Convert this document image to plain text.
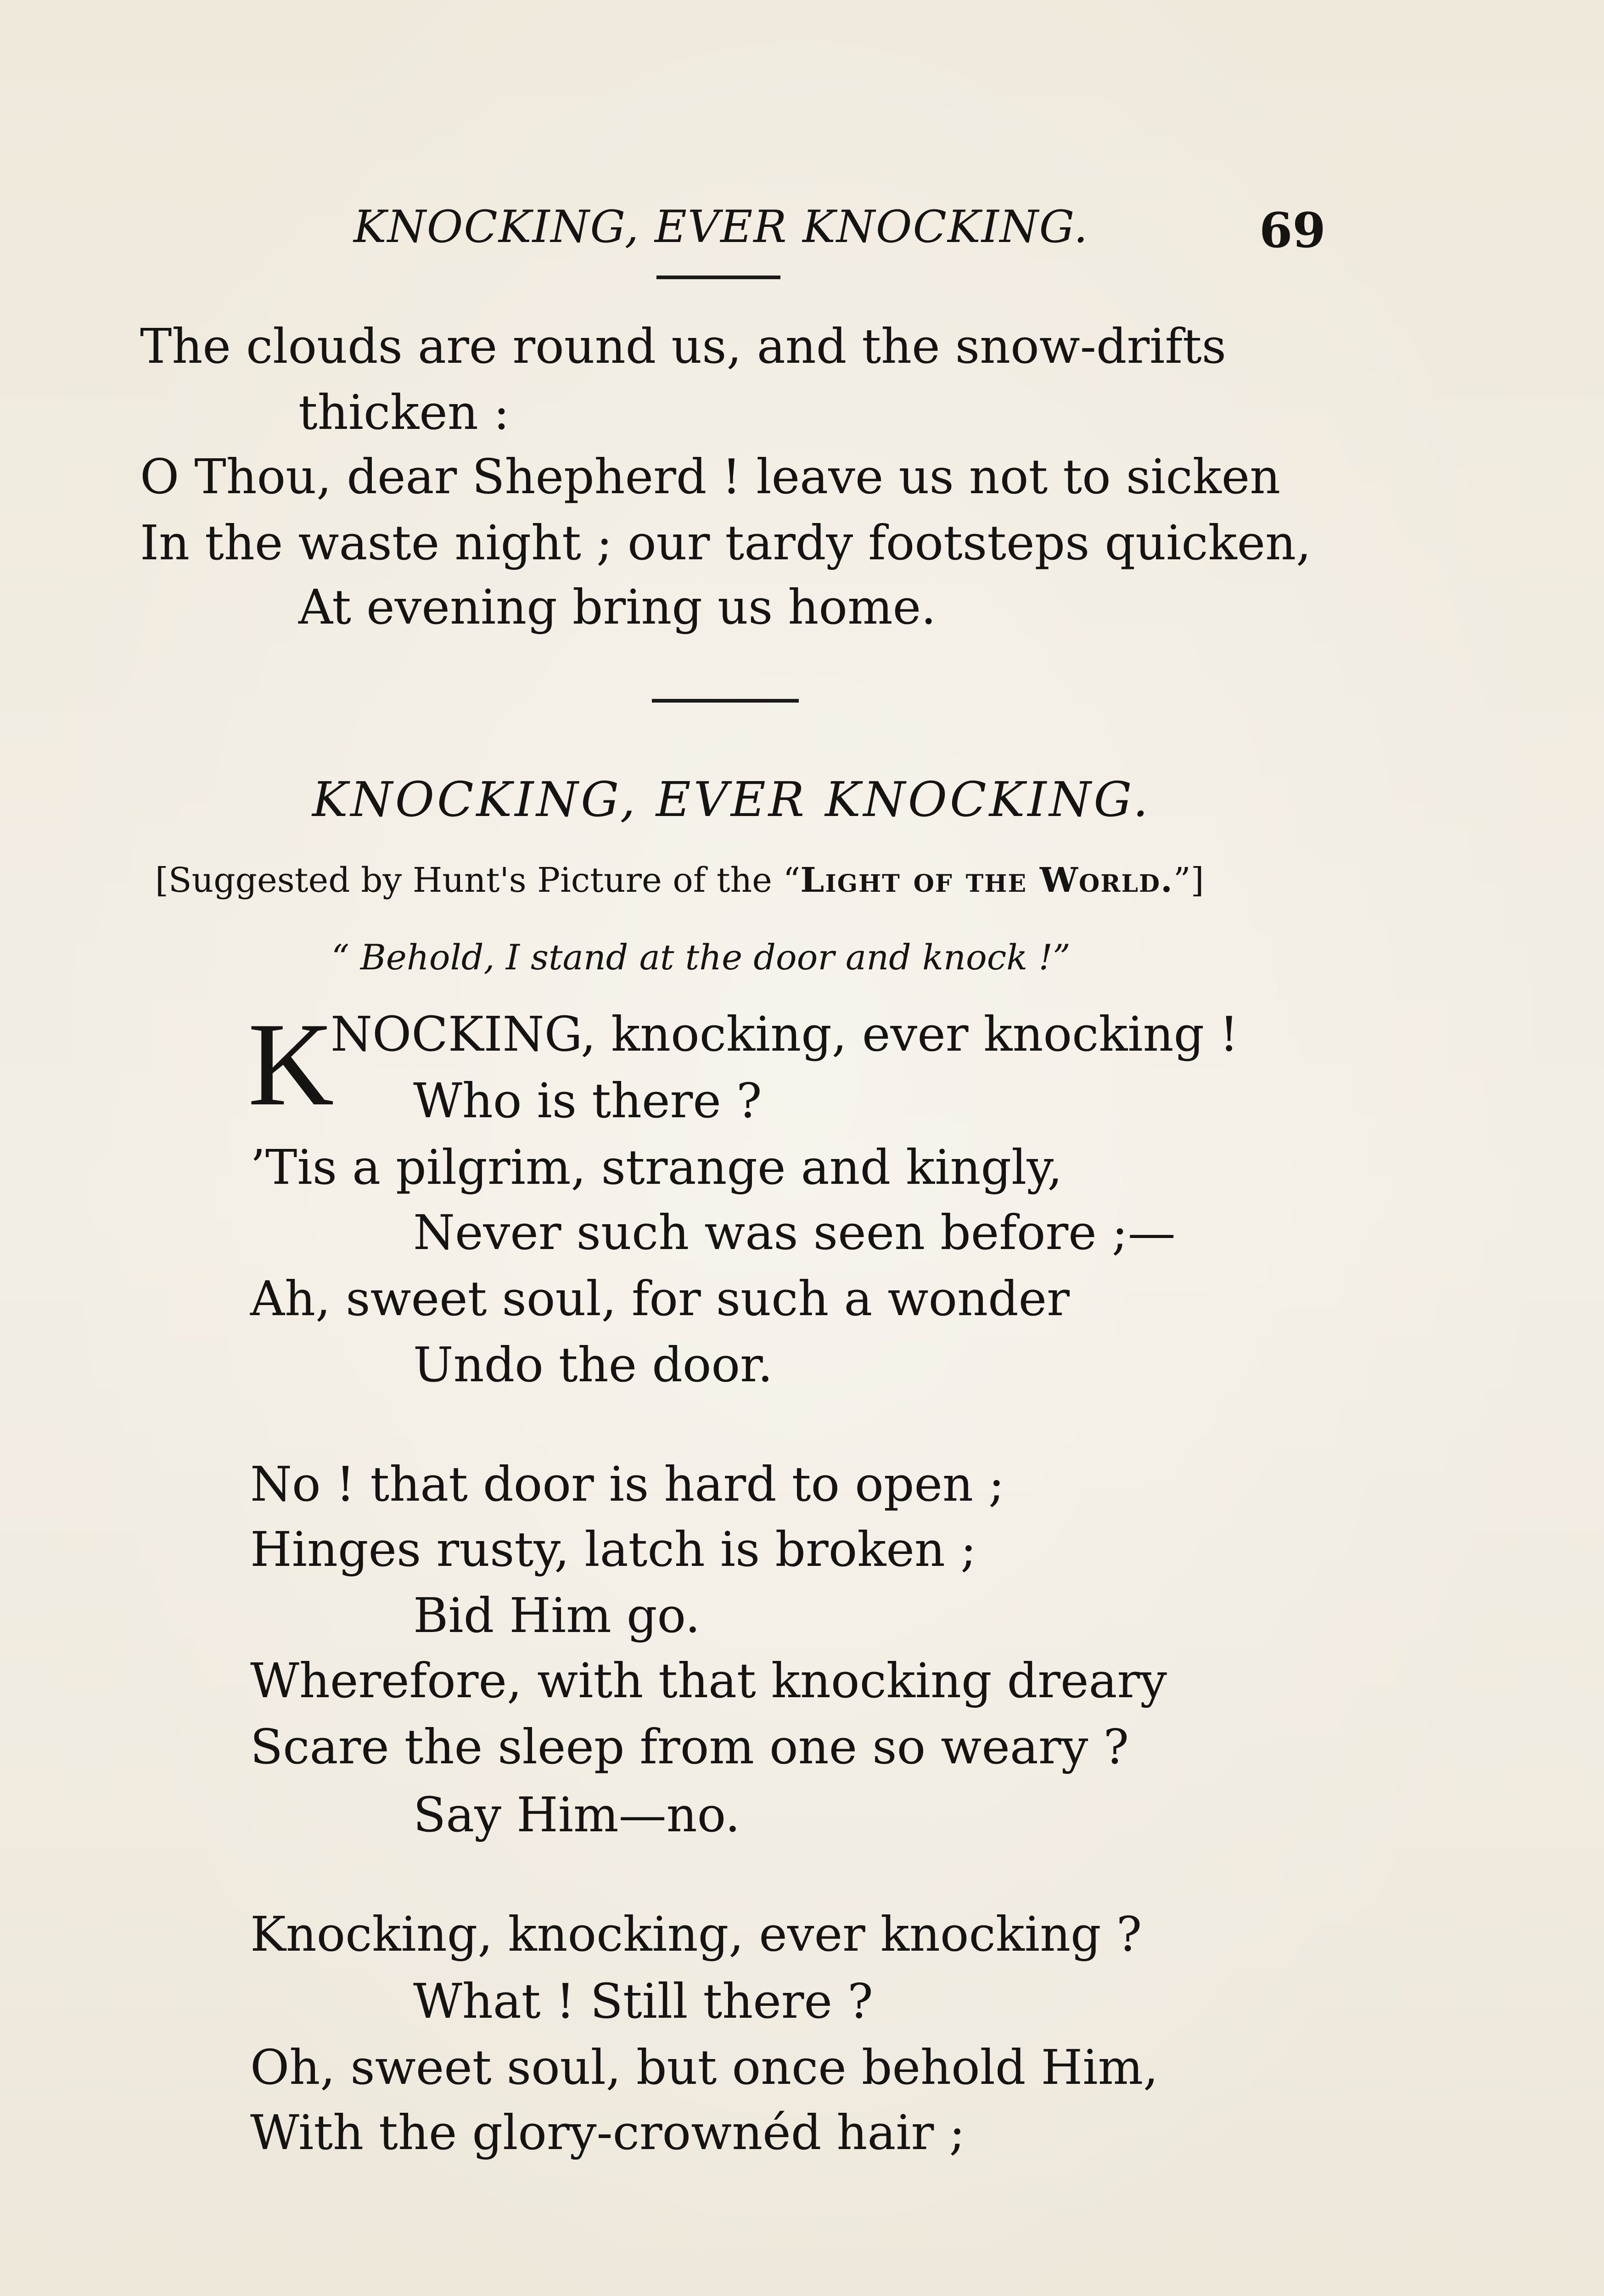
KNOCKING, EVER KNOCKING.	69
The clouds are round us, and the snow-drifts
thicken :
O Thou, dear Shepherd ! leave us not to sicken
In the waste night ; our tardy footsteps quicken,
At evening bring us home.
KNOCKING, EVER KNOCKING.
[Suggested by Hunt's Picture of the “Light of the World.”]
“ Behold, I stand at the door and knock !”
K
NOCKING, knocking, ever knocking !
Who is there ?
’Tis a pilgrim, strange and kingly,
Never such was seen before ;—
Ah, sweet soul, for such a wonder
Undo the door.
No ! that door is hard to open ;
Hinges rusty, latch is broken ;
Bid Him go.
Wherefore, with that knocking dreary
Scare the sleep from one so weary ?
Say Him—no.
Knocking, knocking, ever knocking ?
What ! Still there ?
Oh, sweet soul, but once behold Him,
With the glory-crownéd hair ;
